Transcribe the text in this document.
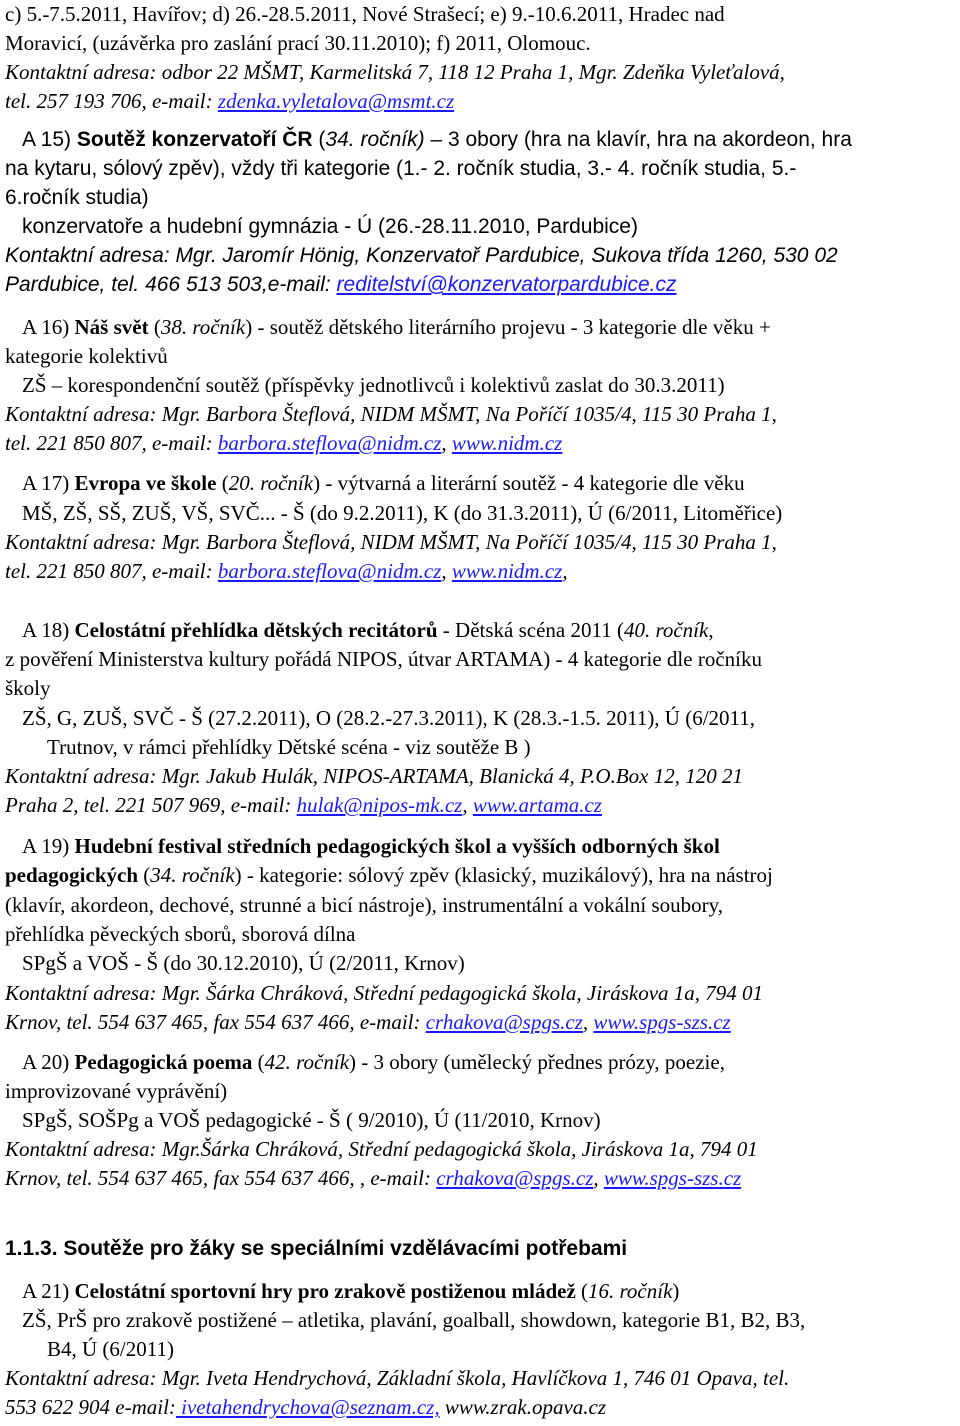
c) 5.-7.5.2011, Havířov; d) 26.-28.5.2011, Nové Strašecí; e) 9.-10.6.2011, Hradec nad
Moravicí, (uzávěrka pro zaslání prací 30.11.2010); f) 2011, Olomouc.
Kontaktní adresa: odbor 22 MŠMT, Karmelitská 7, 118 12 Praha 1, Mgr. Zdeňka Vyleťalová,
tel. 257 193 706, e-mail: zdenka.vyletalova@msmt.cz
A 15) Soutěž konzervatoří ČR (34. ročník) – 3 obory (hra na klavír, hra na akordeon, hra
na kytaru, sólový zpěv), vždy tři kategorie (1.- 2. ročník studia, 3.- 4. ročník studia, 5.-
6.ročník studia)
konzervatoře a hudební gymnázia - Ú (26.-28.11.2010, Pardubice)
Kontaktní adresa: Mgr. Jaromír Hönig, Konzervatoř Pardubice, Sukova třída 1260, 530 02
Pardubice, tel. 466 513 503,e-mail: reditelství@konzervatorpardubice.cz
A 16) Náš svět (38. ročník) - soutěž dětského literárního projevu - 3 kategorie dle věku +
kategorie kolektivů
ZŠ – korespondenční soutěž (příspěvky jednotlivců i kolektivů zaslat do 30.3.2011)
Kontaktní adresa: Mgr. Barbora Šteflová, NIDM MŠMT, Na Poříčí 1035/4, 115 30 Praha 1,
tel. 221 850 807, e-mail: barbora.steflova@nidm.cz, www.nidm.cz
A 17) Evropa ve škole (20. ročník) - výtvarná a literární soutěž - 4 kategorie dle věku
MŠ, ZŠ, SŠ, ZUŠ, VŠ, SVČ... - Š (do 9.2.2011), K (do 31.3.2011), Ú (6/2011, Litoměřice)
Kontaktní adresa: Mgr. Barbora Šteflová, NIDM MŠMT, Na Poříčí 1035/4, 115 30 Praha 1,
tel. 221 850 807, e-mail: barbora.steflova@nidm.cz, www.nidm.cz,
A 18) Celostátní přehlídka dětských recitátorů - Dětská scéna 2011 (40. ročník,
z pověření Ministerstva kultury pořádá NIPOS, útvar ARTAMA) - 4 kategorie dle ročníku
školy
ZŠ, G, ZUŠ, SVČ - Š (27.2.2011), O (28.2.-27.3.2011), K (28.3.-1.5. 2011), Ú (6/2011,
Trutnov, v rámci přehlídky Dětské scéna - viz soutěže B )
Kontaktní adresa: Mgr. Jakub Hulák, NIPOS-ARTAMA, Blanická 4, P.O.Box 12, 120 21
Praha 2, tel. 221 507 969, e-mail: hulak@nipos-mk.cz, www.artama.cz
A 19) Hudební festival středních pedagogických škol a vyšších odborných škol
pedagogických (34. ročník) - kategorie: sólový zpěv (klasický, muzikálový), hra na nástroj
(klavír, akordeon, dechové, strunné a bicí nástroje), instrumentální a vokální soubory,
přehlídka pěveckých sborů, sborová dílna
SPgŠ a VOŠ - Š (do 30.12.2010), Ú (2/2011, Krnov)
Kontaktní adresa: Mgr. Šárka Chráková, Střední pedagogická škola, Jiráskova 1a, 794 01
Krnov, tel. 554 637 465, fax 554 637 466, e-mail: crhakova@spgs.cz, www.spgs-szs.cz
A 20) Pedagogická poema (42. ročník) - 3 obory (umělecký přednes prózy, poezie,
improvizované vyprávění)
SPgŠ, SOŠPg a VOŠ pedagogické - Š ( 9/2010), Ú (11/2010, Krnov)
Kontaktní adresa: Mgr.Šárka Chráková, Střední pedagogická škola, Jiráskova 1a, 794 01
Krnov, tel. 554 637 465, fax 554 637 466, , e-mail: crhakova@spgs.cz, www.spgs-szs.cz
1.1.3. Soutěže pro žáky se speciálními vzdělávacími potřebami
A 21) Celostátní sportovní hry pro zrakově postiženou mládež (16. ročník)
ZŠ, PrŠ pro zrakově postižené – atletika, plavání, goalball, showdown, kategorie B1, B2, B3,
B4, Ú (6/2011)
Kontaktní adresa: Mgr. Iveta Hendrychová, Základní škola, Havlíčkova 1, 746 01 Opava, tel.
553 622 904 e-mail: ivetahendrychova@seznam.cz, www.zrak.opava.cz
